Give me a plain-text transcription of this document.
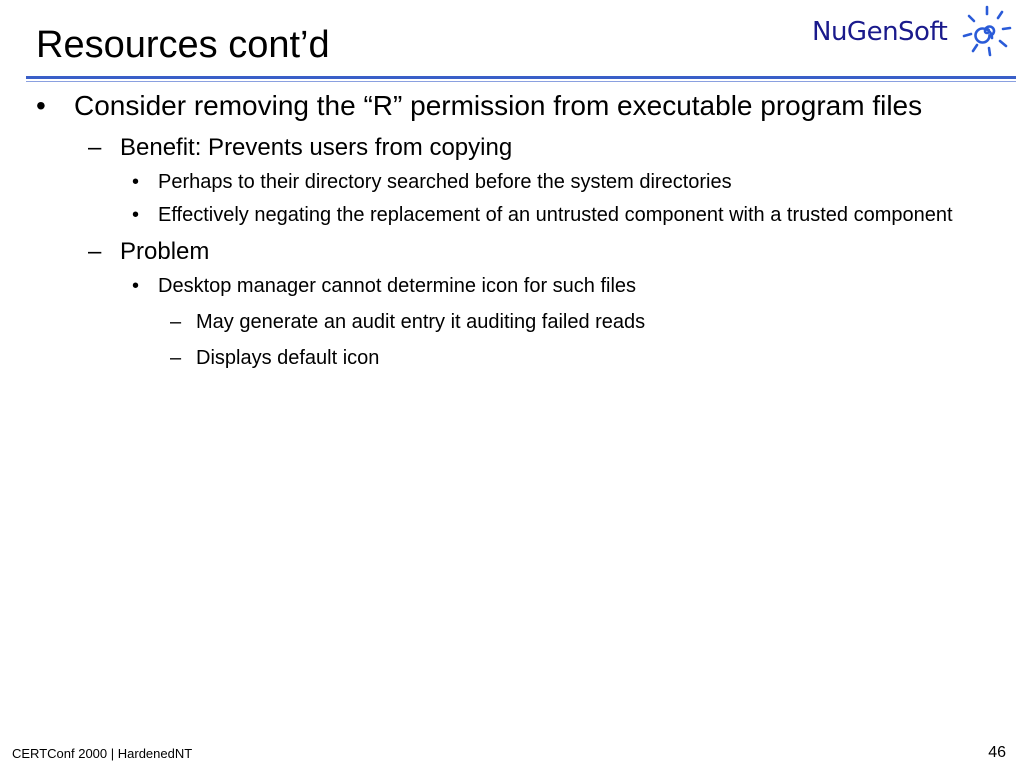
Resources cont’d	NuGenSoft
• Consider removing the “R” permission from executable program files
– Benefit: Prevents users from copying
• Perhaps to their directory searched before the system directories
• Effectively negating the replacement of an untrusted component with a trusted component
– Problem
• Desktop manager cannot determine icon for such files
– May generate an audit entry it auditing failed reads
– Displays default icon
CERTConf 2000 | HardenedNT	46
